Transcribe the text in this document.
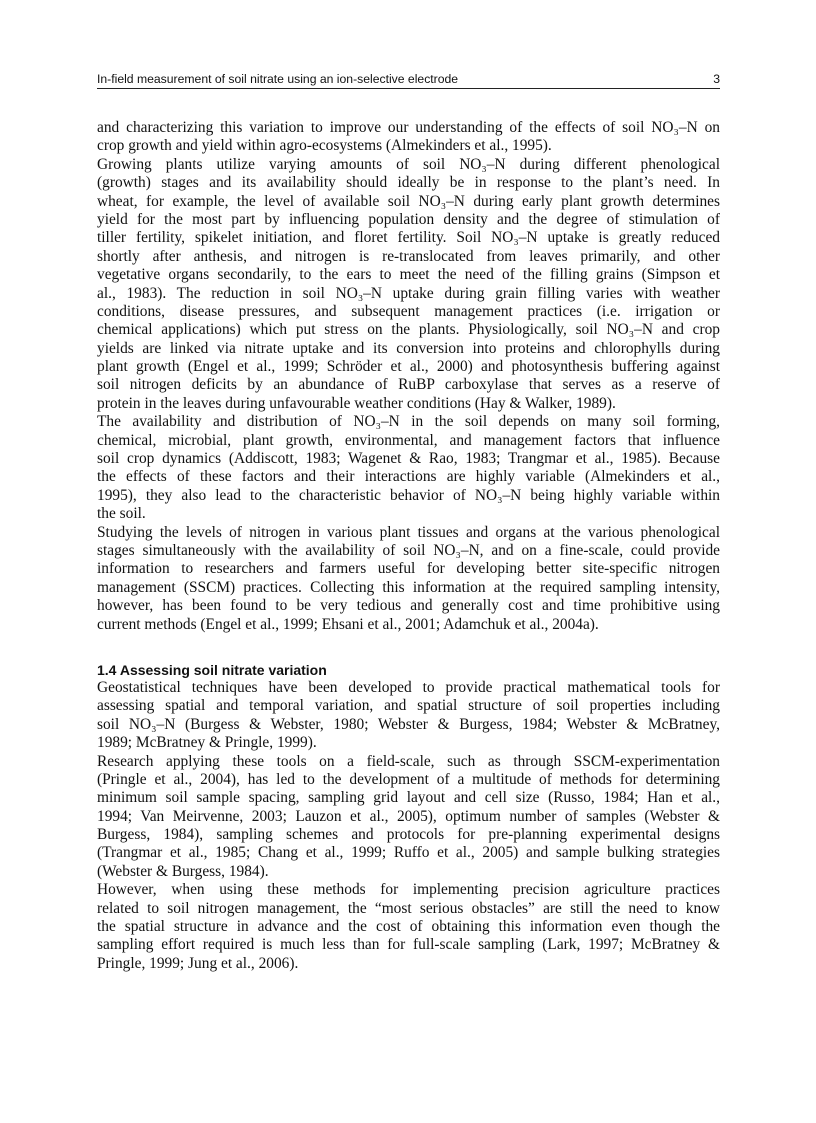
In-field measurement of soil nitrate using an ion-selective electrode	3
and characterizing this variation to improve our understanding of the effects of soil NO₃–N on
crop growth and yield within agro-ecosystems (Almekinders et al., 1995).
Growing plants utilize varying amounts of soil NO₃–N during different phenological
(growth) stages and its availability should ideally be in response to the plant’s need. In
wheat, for example, the level of available soil NO₃–N during early plant growth determines
yield for the most part by influencing population density and the degree of stimulation of
tiller fertility, spikelet initiation, and floret fertility. Soil NO₃–N uptake is greatly reduced
shortly after anthesis, and nitrogen is re-translocated from leaves primarily, and other
vegetative organs secondarily, to the ears to meet the need of the filling grains (Simpson et
al., 1983). The reduction in soil NO₃–N uptake during grain filling varies with weather
conditions, disease pressures, and subsequent management practices (i.e. irrigation or
chemical applications) which put stress on the plants. Physiologically, soil NO₃–N and crop
yields are linked via nitrate uptake and its conversion into proteins and chlorophylls during
plant growth (Engel et al., 1999; Schröder et al., 2000) and photosynthesis buffering against
soil nitrogen deficits by an abundance of RuBP carboxylase that serves as a reserve of
protein in the leaves during unfavourable weather conditions (Hay & Walker, 1989).
The availability and distribution of NO₃–N in the soil depends on many soil forming,
chemical, microbial, plant growth, environmental, and management factors that influence
soil crop dynamics (Addiscott, 1983; Wagenet & Rao, 1983; Trangmar et al., 1985). Because
the effects of these factors and their interactions are highly variable (Almekinders et al.,
1995), they also lead to the characteristic behavior of NO₃–N being highly variable within
the soil.
Studying the levels of nitrogen in various plant tissues and organs at the various phenological
stages simultaneously with the availability of soil NO₃–N, and on a fine-scale, could provide
information to researchers and farmers useful for developing better site-specific nitrogen
management (SSCM) practices. Collecting this information at the required sampling intensity,
however, has been found to be very tedious and generally cost and time prohibitive using
current methods (Engel et al., 1999; Ehsani et al., 2001; Adamchuk et al., 2004a).
1.4 Assessing soil nitrate variation
Geostatistical techniques have been developed to provide practical mathematical tools for
assessing spatial and temporal variation, and spatial structure of soil properties including
soil NO₃–N (Burgess & Webster, 1980; Webster & Burgess, 1984; Webster & McBratney,
1989; McBratney & Pringle, 1999).
Research applying these tools on a field-scale, such as through SSCM-experimentation
(Pringle et al., 2004), has led to the development of a multitude of methods for determining
minimum soil sample spacing, sampling grid layout and cell size (Russo, 1984; Han et al.,
1994; Van Meirvenne, 2003; Lauzon et al., 2005), optimum number of samples (Webster &
Burgess, 1984), sampling schemes and protocols for pre-planning experimental designs
(Trangmar et al., 1985; Chang et al., 1999; Ruffo et al., 2005) and sample bulking strategies
(Webster & Burgess, 1984).
However, when using these methods for implementing precision agriculture practices
related to soil nitrogen management, the “most serious obstacles” are still the need to know
the spatial structure in advance and the cost of obtaining this information even though the
sampling effort required is much less than for full-scale sampling (Lark, 1997; McBratney &
Pringle, 1999; Jung et al., 2006).
